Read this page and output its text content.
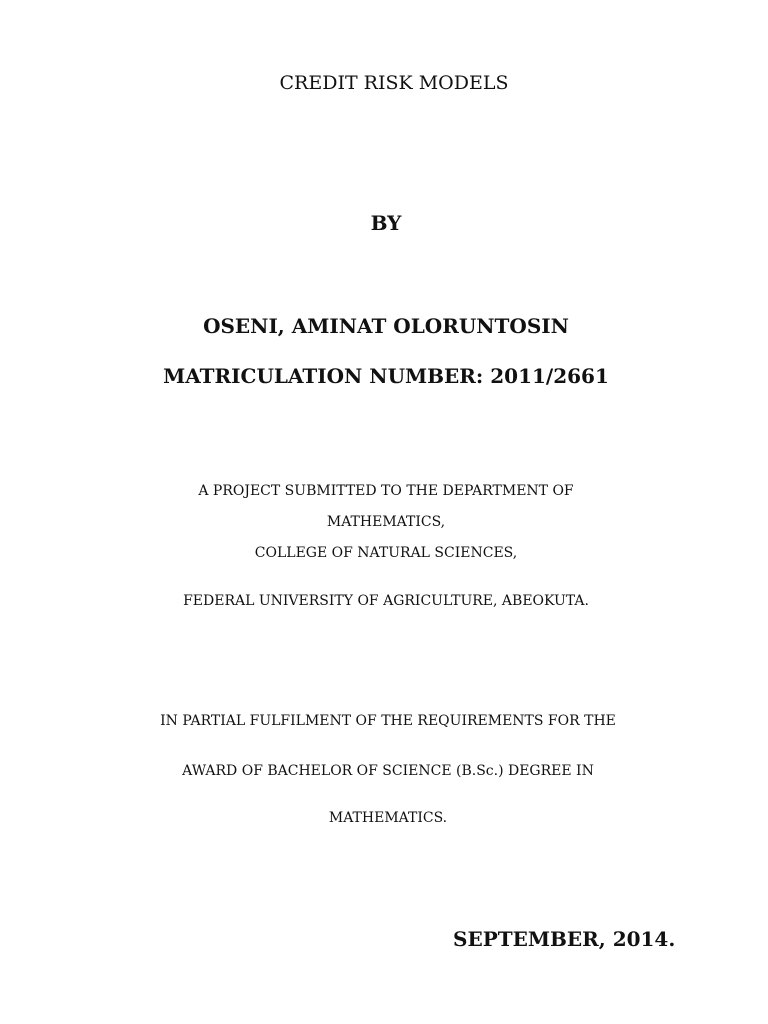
CREDIT RISK MODELS
BY
OSENI, AMINAT OLORUNTOSIN
MATRICULATION NUMBER: 2011/2661
A PROJECT SUBMITTED TO THE DEPARTMENT OF
MATHEMATICS,
COLLEGE OF NATURAL SCIENCES,
FEDERAL UNIVERSITY OF AGRICULTURE, ABEOKUTA.
IN PARTIAL FULFILMENT OF THE REQUIREMENTS FOR THE
AWARD OF BACHELOR OF SCIENCE (B.Sc.) DEGREE IN
MATHEMATICS.
SEPTEMBER, 2014.
